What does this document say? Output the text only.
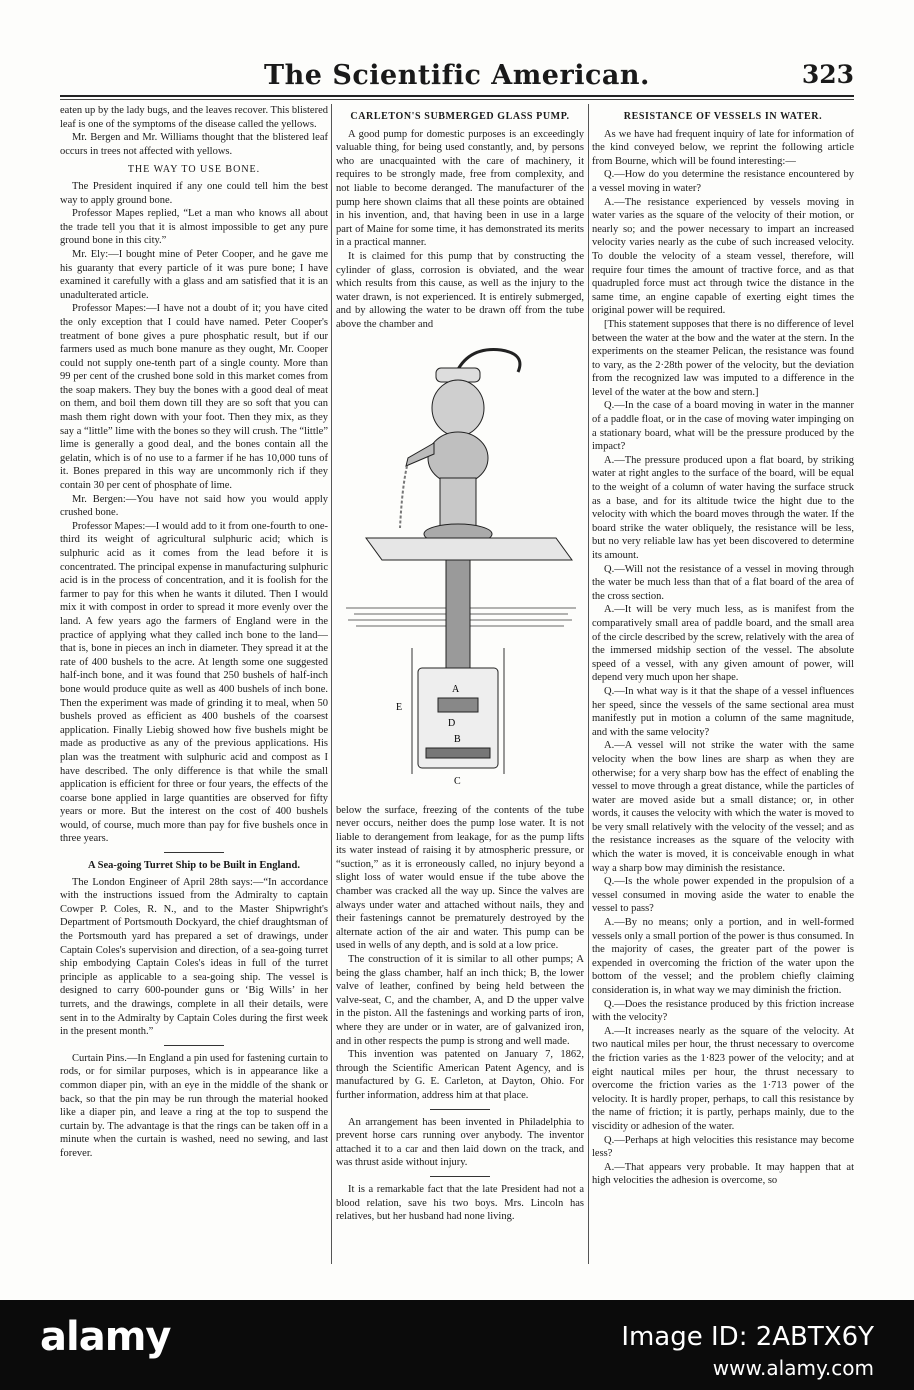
The Scientific American.	323

eaten up by the lady bugs, and the leaves recover. This blistered leaf is one of the symptoms of the disease called the yellows.

Mr. Bergen and Mr. Williams thought that the blistered leaf occurs in trees not affected with yellows.

THE WAY TO USE BONE.

The President inquired if any one could tell him the best way to apply ground bone.

Professor Mapes replied, “Let a man who knows all about the trade tell you that it is almost impossible to get any pure ground bone in this city.”

Mr. Ely:—I bought mine of Peter Cooper, and he gave me his guaranty that every particle of it was pure bone; I have examined it carefully with a glass and am satisfied that it is an unadulterated article.

Professor Mapes:—I have not a doubt of it; you have cited the only exception that I could have named. Peter Cooper's treatment of bone gives a pure phosphatic result, but if our farmers used as much bone manure as they ought, Mr. Cooper could not supply one-tenth part of a single county. More than 99 per cent of the crushed bone sold in this market comes from the soap makers. They buy the bones with a good deal of meat on them, and boil them down till they are so soft that you can mash them right down with your foot. Then they mix, as they say a “little” lime with the bones so they will crush. The “little” lime is generally a good deal, and the bones contain all the gelatin, which is of no use to a farmer if he has 10,000 tuns of it. Bones prepared in this way are uncommonly rich if they contain 30 per cent of phosphate of lime.

Mr. Bergen:—You have not said how you would apply crushed bone.

Professor Mapes:—I would add to it from one-fourth to one-third its weight of agricultural sulphuric acid; which is sulphuric acid as it comes from the lead before it is concentrated. The principal expense in manufacturing sulphuric acid is in the process of concentration, and it is foolish for the farmer to pay for this when he wants it diluted. Then I would mix it with compost in order to spread it more evenly over the land. A few years ago the farmers of England were in the practice of applying what they called inch bone to the land—that is, bone in pieces an inch in diameter. They spread it at the rate of 400 bushels to the acre. At length some one suggested half-inch bone, and it was found that 250 bushels of half-inch bone would produce quite as well as 400 bushels of inch bone. Then the experiment was made of grinding it to meal, when 50 bushels proved as efficient as 400 bushels of the coarsest application. Finally Liebig showed how five bushels might be made as productive as any of the previous applications. His plan was the treatment with sulphuric acid and compost as I have described. The only difference is that while the small application is efficient for three or four years, the effects of the coarse bone applied in large quantities are observed for fifty years or more. But the interest on the cost of 400 bushels would, of course, much more than pay for five bushels once in three years.

A Sea-going Turret Ship to be Built in England.

The London Engineer of April 28th says:—“In accordance with the instructions issued from the Admiralty to captain Cowper P. Coles, R. N., and to the Master Shipwright's Department of Portsmouth Dockyard, the chief draughtsman of the Portsmouth yard has prepared a set of drawings, under Captain Coles's supervision and direction, of a sea-going turret ship embodying Captain Coles's ideas in full of the turret principle as applicable to a sea-going ship. The vessel is designed to carry 600-pounder guns or ‘Big Wills’ in her turrets, and the drawings, complete in all their details, were sent in to the Admiralty by Captain Coles during the first week in the present month.”

Curtain Pins.—In England a pin used for fastening curtain to rods, or for similar purposes, which is in appearance like a common diaper pin, with an eye in the middle of the shank or back, so that the pin may be run through the material hooked like a diaper pin, and leave a ring at the top to suspend the curtain by. The advantage is that the rings can be taken off in a minute when the curtain is washed, need no sewing, and last forever.

CARLETON'S SUBMERGED GLASS PUMP.

A good pump for domestic purposes is an exceedingly valuable thing, for being used constantly, and, by persons who are unacquainted with the care of machinery, it requires to be strongly made, free from complexity, and not liable to become deranged. The manufacturer of the pump here shown claims that all these points are obtained in his invention, and, that having been in use in a large part of Maine for some time, it has demonstrated its merits in a practical manner.

It is claimed for this pump that by constructing the cylinder of glass, corrosion is obviated, and the wear which results from this cause, as well as the injury to the water drawn, is not experienced. It is entirely submerged, and by allowing the water to be drawn off from the tube above the chamber and

A
D
B
C
E

below the surface, freezing of the contents of the tube never occurs, neither does the pump lose water. It is not liable to derangement from leakage, for as the pump lifts its water instead of raising it by atmospheric pressure, or “suction,” as it is erroneously called, no injury beyond a slight loss of water would ensue if the tube above the chamber was cracked all the way up. Since the valves are always under water and attached without nails, they and their fastenings cannot be prematurely destroyed by the alternate action of the air and water. This pump can be used in wells of any depth, and is sold at a low price.

The construction of it is similar to all other pumps; A being the glass chamber, half an inch thick; B, the lower valve of leather, confined by being held between the valve-seat, C, and the chamber, A, and D the upper valve in the piston. All the fastenings and working parts of iron, where they are under or in water, are of galvanized iron, and in other respects the pump is strong and well made.

This invention was patented on January 7, 1862, through the Scientific American Patent Agency, and is manufactured by G. E. Carleton, at Dayton, Ohio. For further information, address him at that place.

An arrangement has been invented in Philadelphia to prevent horse cars running over anybody. The inventor attached it to a car and then laid down on the track, and was thrust aside without injury.

It is a remarkable fact that the late President had not a blood relation, save his two boys. Mrs. Lincoln has relatives, but her husband had none living.

RESISTANCE OF VESSELS IN WATER.

As we have had frequent inquiry of late for information of the kind conveyed below, we reprint the following article from Bourne, which will be found interesting:—

Q.—How do you determine the resistance encountered by a vessel moving in water?

A.—The resistance experienced by vessels moving in water varies as the square of the velocity of their motion, or nearly so; and the power necessary to impart an increased velocity varies nearly as the cube of such increased velocity. To double the velocity of a steam vessel, therefore, will require four times the amount of tractive force, and as that quadrupled force must act through twice the distance in the same time, an engine capable of exerting eight times the original power will be required.

[This statement supposes that there is no difference of level between the water at the bow and the water at the stern. In the experiments on the steamer Pelican, the resistance was found to vary, as the 2·28th power of the velocity, but the deviation from the recognized law was imputed to a difference in the level of the water at the bow and stern.]

Q.—In the case of a board moving in water in the manner of a paddle float, or in the case of moving water impinging on a stationary board, what will be the pressure produced by the impact?

A.—The pressure produced upon a flat board, by striking water at right angles to the surface of the board, will be equal to the weight of a column of water having the surface struck as a base, and for its altitude twice the hight due to the velocity with which the board moves through the water. If the board strike the water obliquely, the resistance will be less, but no very reliable law has yet been discovered to determine its amount.

Q.—Will not the resistance of a vessel in moving through the water be much less than that of a flat board of the area of the cross section.

A.—It will be very much less, as is manifest from the comparatively small area of paddle board, and the small area of the circle described by the screw, relatively with the area of the immersed midship section of the vessel. The absolute speed of a vessel, with any given amount of power, will depend very much upon her shape.

Q.—In what way is it that the shape of a vessel influences her speed, since the vessels of the same sectional area must manifestly put in motion a column of the same magnitude, and with the same velocity?

A.—A vessel will not strike the water with the same velocity when the bow lines are sharp as when they are otherwise; for a very sharp bow has the effect of enabling the vessel to move through a great distance, while the particles of water are moved aside but a small distance; or, in other words, it causes the velocity with which the water is moved to be very small relatively with the velocity of the vessel; and as the resistance increases as the square of the velocity with which the water is moved, it is conceivable enough in what way a sharp bow may diminish the resistance.

Q.—Is the whole power expended in the propulsion of a vessel consumed in moving aside the water to enable the vessel to pass?

A.—By no means; only a portion, and in well-formed vessels only a small portion of the power is thus consumed. In the majority of cases, the greater part of the power is expended in overcoming the friction of the water upon the bottom of the vessel; and the problem chiefly claiming consideration is, in what way we may diminish the friction.

Q.—Does the resistance produced by this friction increase with the velocity?

A.—It increases nearly as the square of the velocity. At two nautical miles per hour, the thrust necessary to overcome the friction varies as the 1·823 power of the velocity; and at eight nautical miles per hour, the thrust necessary to overcome the friction varies as the 1·713 power of the velocity. It is hardly proper, perhaps, to call this resistance by the name of friction; it is partly, perhaps mainly, due to the viscidity or adhesion of the water.

Q.—Perhaps at high velocities this resistance may become less?

A.—That appears very probable. It may happen that at high velocities the adhesion is overcome, so

alamy	Image ID: 2ABTX6Y
www.alamy.com
